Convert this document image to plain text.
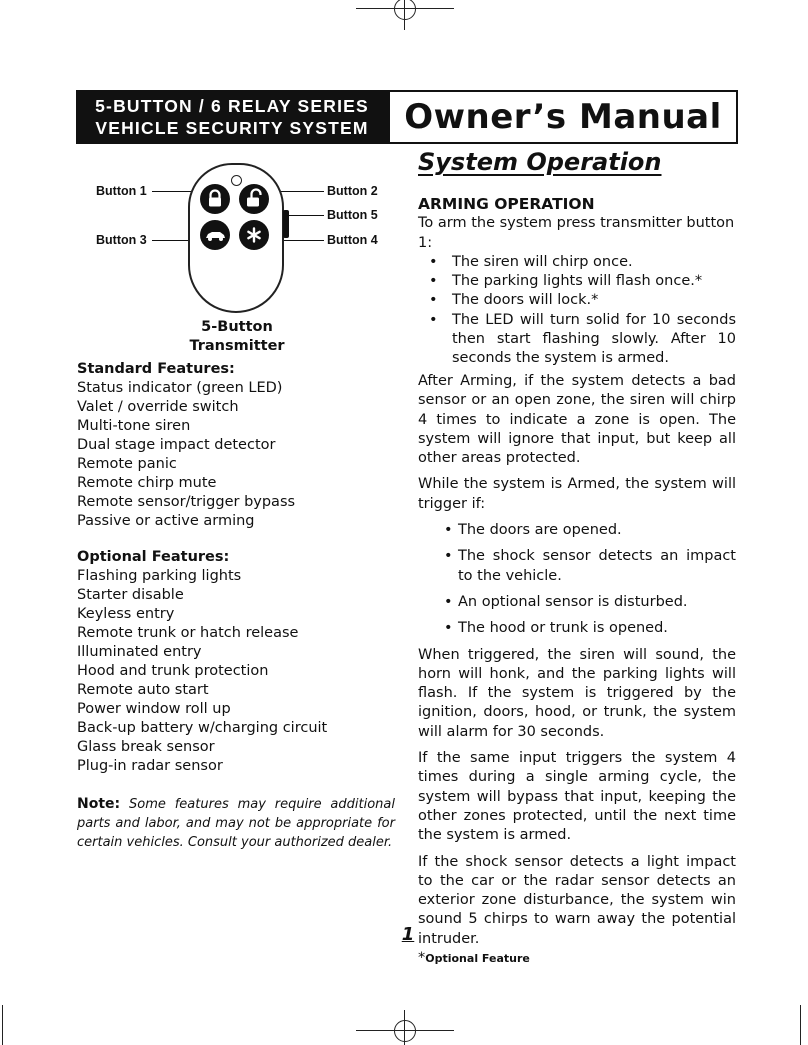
5-BUTTON / 6 RELAY SERIES
VEHICLE SECURITY SYSTEM	Owner’s Manual
System Operation
Button 1
Button 3
Button 2
Button 5
Button 4
5-Button
Transmitter
Standard Features:
Status indicator (green LED)
Valet / override switch
Multi-tone siren
Dual stage impact detector
Remote panic
Remote chirp mute
Remote sensor/trigger bypass
Passive or active arming
Optional Features:
Flashing parking lights
Starter disable
Keyless entry
Remote trunk or hatch release
Illuminated entry
Hood and trunk protection
Remote auto start
Power window roll up
Back-up battery w/charging circuit
Glass break sensor
Plug-in radar sensor
Note: Some features may require additional parts and labor, and may not be appropriate for certain vehicles. Consult your authorized dealer.
ARMING OPERATION
To arm the system press transmitter button 1:
• The siren will chirp once.
• The parking lights will flash once.*
• The doors will lock.*
• The LED will turn solid for 10 seconds then start flashing slowly. After 10 seconds the system is armed.
After Arming, if the system detects a bad sensor or an open zone, the siren will chirp 4 times to indicate a zone is open. The system will ignore that input, but keep all other areas protected.
While the system is Armed, the system will trigger if:
• The doors are opened.
• The shock sensor detects an impact to the vehicle.
• An optional sensor is disturbed.
• The hood or trunk is opened.
When triggered, the siren will sound, the horn will honk, and the parking lights will flash. If the system is triggered by the ignition, doors, hood, or trunk, the system will alarm for 30 seconds.
If the same input triggers the system 4 times during a single arming cycle, the system will bypass that input, keeping the other zones protected, until the next time the system is armed.
If the shock sensor detects a light impact to the car or the radar sensor detects an exterior zone disturbance, the system win sound 5 chirps to warn away the potential intruder.
*Optional Feature
1
